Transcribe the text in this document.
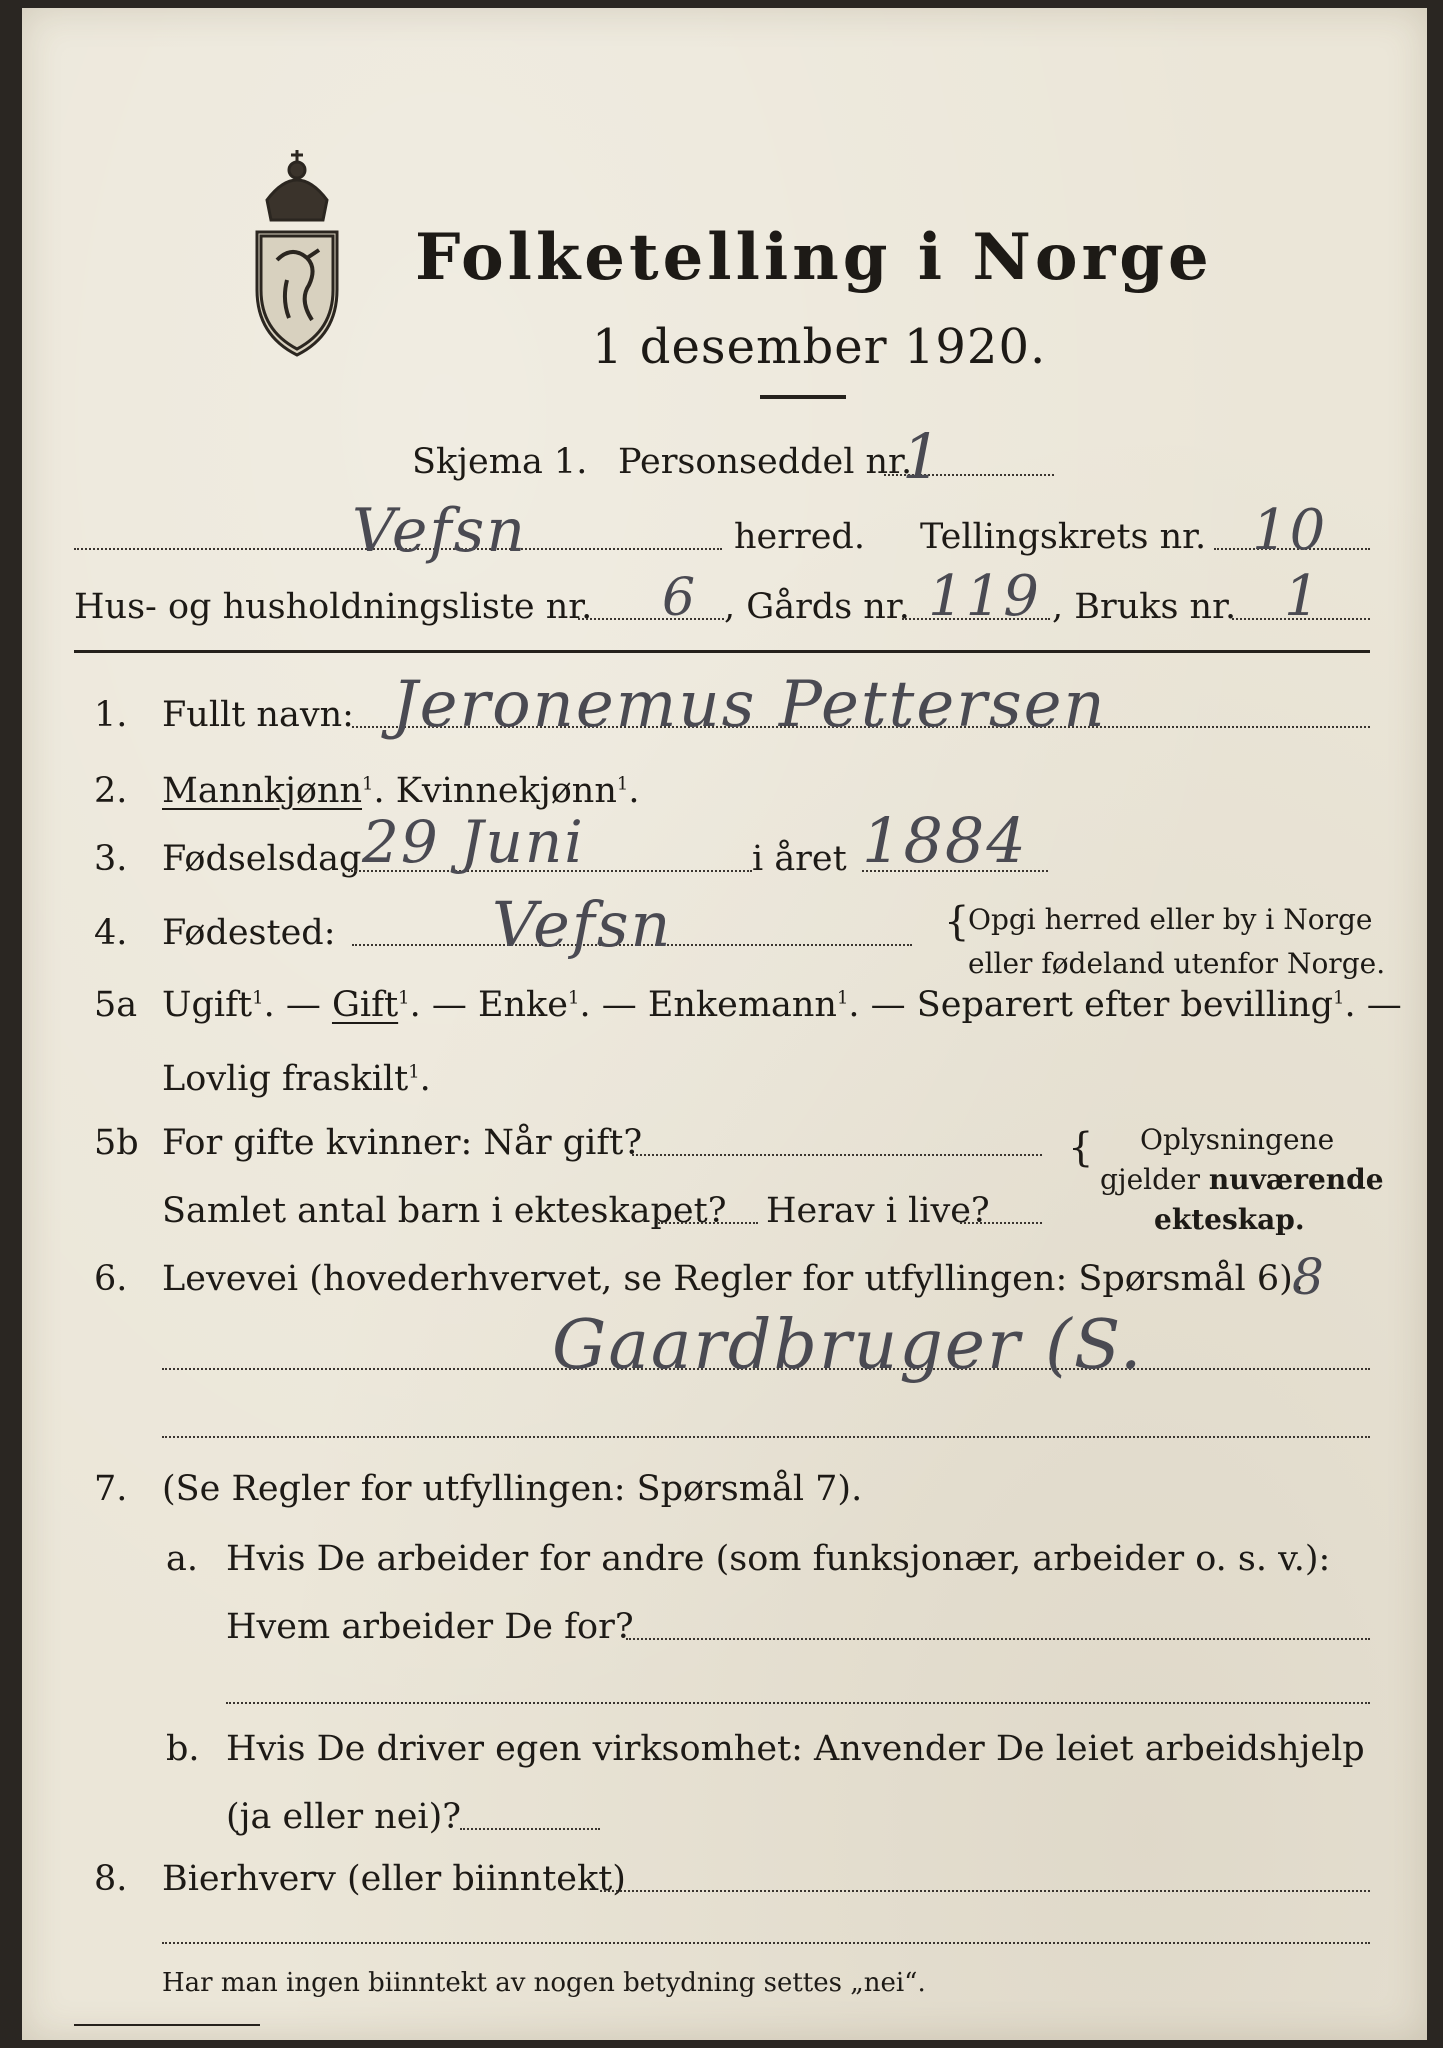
Folketelling i Norge
1 desember 1920.
Skjema 1. Personseddel nr.
1
Vefsn	herred. Tellingskrets nr. 10
Hus- og husholdningsliste nr. 6 , Gårds nr. 119 , Bruks nr. 1
1. Fullt navn: Jeronemus Pettersen
2. Mannkjønn$^1$. Kvinnekjønn$^1$.
3. Fødselsdag 29 Juni	i året 1884
4. Fødested:	Vefsn	{
Opgi herred eller by i Norge
eller fødeland utenfor Norge.
5a Ugift$^1$. — Gift$^1$. — Enke$^1$. — Enkemann$^1$. — Separert efter bevilling$^1$. —
Lovlig fraskilt$^1$.
5b For gifte kvinner: Når gift?
Samlet antal barn i ekteskapet? Herav i live?
{ Oplysningene
gjelder nuværende
ekteskap.
6. Levevei (hovederhvervet, se Regler for utfyllingen: Spørsmål 6).
8
Gaardbruger (S.
7. (Se Regler for utfyllingen: Spørsmål 7).
a. Hvis De arbeider for andre (som funksjonær, arbeider o. s. v.):
Hvem arbeider De for?
b. Hvis De driver egen virksomhet: Anvender De leiet arbeidshjelp
(ja eller nei)?
8. Bierhverv (eller biinntekt)
Har man ingen biinntekt av nogen betydning settes „nei“.
